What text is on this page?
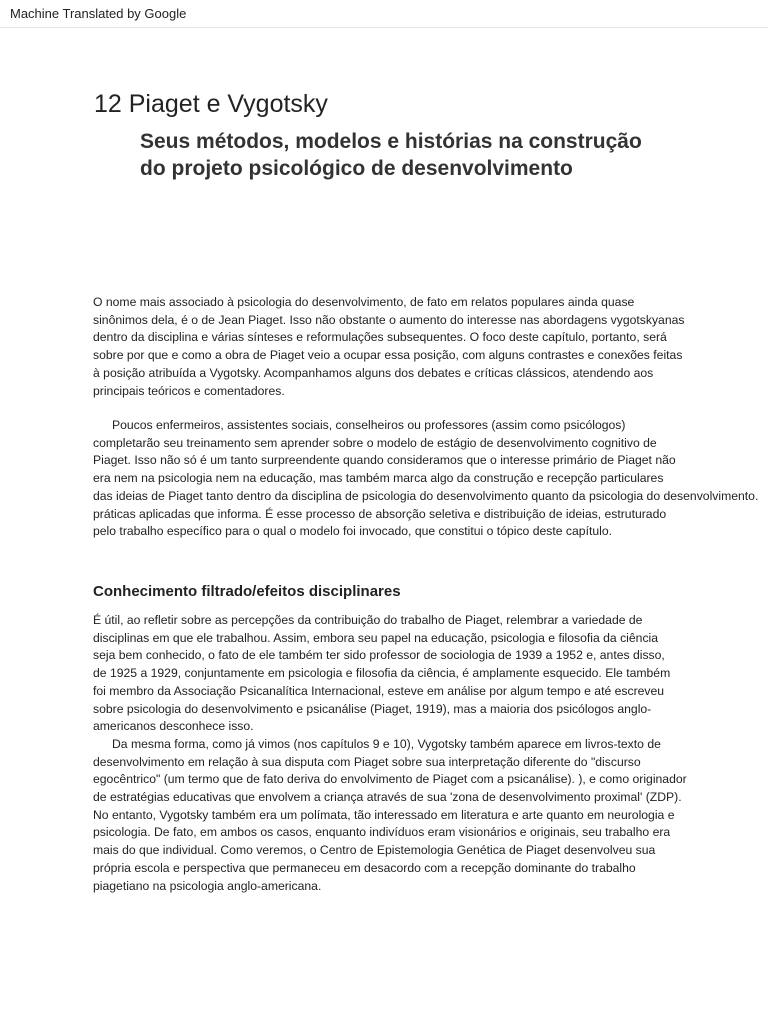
Machine Translated by Google
12 Piaget e Vygotsky
Seus métodos, modelos e histórias na construção
do projeto psicológico de desenvolvimento
O nome mais associado à psicologia do desenvolvimento, de fato em relatos populares ainda quase
sinônimos dela, é o de Jean Piaget. Isso não obstante o aumento do interesse nas abordagens vygotskyanas
dentro da disciplina e várias sínteses e reformulações subsequentes. O foco deste capítulo, portanto, será
sobre por que e como a obra de Piaget veio a ocupar essa posição, com alguns contrastes e conexões feitas
à posição atribuída a Vygotsky. Acompanhamos alguns dos debates e críticas clássicos, atendendo aos
principais teóricos e comentadores.
Poucos enfermeiros, assistentes sociais, conselheiros ou professores (assim como psicólogos)
completarão seu treinamento sem aprender sobre o modelo de estágio de desenvolvimento cognitivo de
Piaget. Isso não só é um tanto surpreendente quando consideramos que o interesse primário de Piaget não
era nem na psicologia nem na educação, mas também marca algo da construção e recepção particulares
das ideias de Piaget tanto dentro da disciplina de psicologia do desenvolvimento quanto da psicologia do desenvolvimento.
práticas aplicadas que informa. É esse processo de absorção seletiva e distribuição de ideias, estruturado
pelo trabalho específico para o qual o modelo foi invocado, que constitui o tópico deste capítulo.
Conhecimento filtrado/efeitos disciplinares
É útil, ao refletir sobre as percepções da contribuição do trabalho de Piaget, relembrar a variedade de
disciplinas em que ele trabalhou. Assim, embora seu papel na educação, psicologia e filosofia da ciência
seja bem conhecido, o fato de ele também ter sido professor de sociologia de 1939 a 1952 e, antes disso,
de 1925 a 1929, conjuntamente em psicologia e filosofia da ciência, é amplamente esquecido. Ele também
foi membro da Associação Psicanalítica Internacional, esteve em análise por algum tempo e até escreveu
sobre psicologia do desenvolvimento e psicanálise (Piaget, 1919), mas a maioria dos psicólogos anglo-
americanos desconhece isso.
Da mesma forma, como já vimos (nos capítulos 9 e 10), Vygotsky também aparece em livros-texto de
desenvolvimento em relação à sua disputa com Piaget sobre sua interpretação diferente do "discurso
egocêntrico" (um termo que de fato deriva do envolvimento de Piaget com a psicanálise). ), e como originador
de estratégias educativas que envolvem a criança através de sua 'zona de desenvolvimento proximal' (ZDP).
No entanto, Vygotsky também era um polímata, tão interessado em literatura e arte quanto em neurologia e
psicologia. De fato, em ambos os casos, enquanto indivíduos eram visionários e originais, seu trabalho era
mais do que individual. Como veremos, o Centro de Epistemologia Genética de Piaget desenvolveu sua
própria escola e perspectiva que permaneceu em desacordo com a recepção dominante do trabalho
piagetiano na psicologia anglo-americana.
